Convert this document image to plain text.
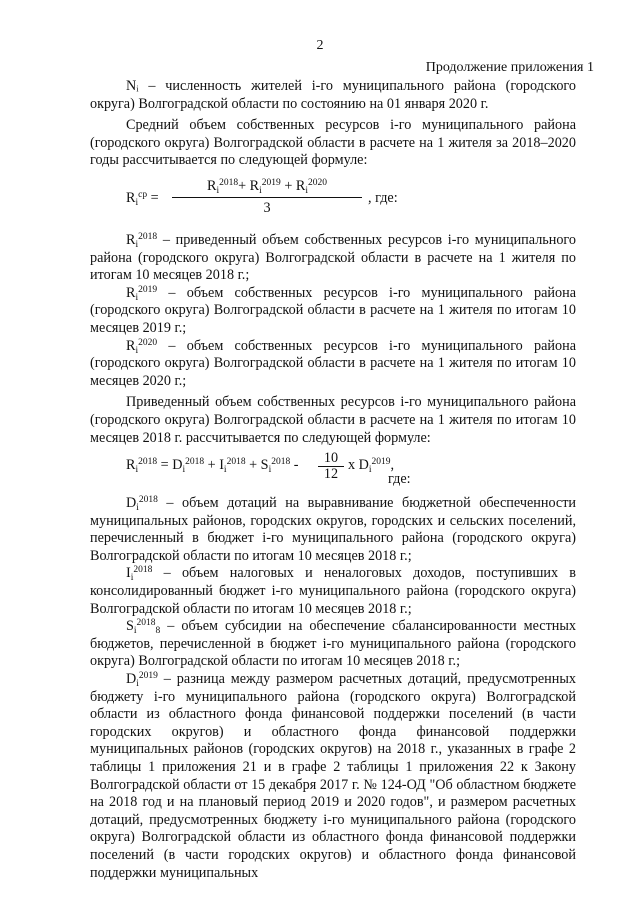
2
Продолжение приложения 1

Nᵢ – численность жителей i-го муниципального района (городского округа) Волгоградской области по состоянию на 01 января 2020 г.

Средний объем собственных ресурсов i-го муниципального района (городского округа) Волгоградской области в расчете на 1 жителя за 2018–2020 годы рассчитывается по следующей формуле:

$R_i^{ср} = \frac{R_i^{2018}+ R_i^{2019} + R_i^{2020}}{3}$ , где:

$R_i^{2018}$ – приведенный объем собственных ресурсов i-го муниципального района (городского округа) Волгоградской области в расчете на 1 жителя по итогам 10 месяцев 2018 г.;

$R_i^{2019}$ – объем собственных ресурсов i-го муниципального района (городского округа) Волгоградской области в расчете на 1 жителя по итогам 10 месяцев 2019 г.;

$R_i^{2020}$ – объем собственных ресурсов i-го муниципального района (городского округа) Волгоградской области в расчете на 1 жителя по итогам 10 месяцев 2020 г.;

Приведенный объем собственных ресурсов i-го муниципального района (городского округа) Волгоградской области в расчете на 1 жителя по итогам 10 месяцев 2018 г. рассчитывается по следующей формуле:

$R_i^{2018} = D_i^{2018} + I_i^{2018} + S_i^{2018}$ -	10
12
x $D_i^{2019}$,
где:

$D_i^{2018}$ – объем дотаций на выравнивание бюджетной обеспеченности муниципальных районов, городских округов, городских и сельских поселений, перечисленный в бюджет i-го муниципального района (городского округа) Волгоградской области по итогам 10 месяцев 2018 г.;

$I_i^{2018}$ – объем налоговых и неналоговых доходов, поступивших в консолидированный бюджет i-го муниципального района (городского округа) Волгоградской области по итогам 10 месяцев 2018 г.;

$S_i^{2018}_8$ – объем субсидии на обеспечение сбалансированности местных бюджетов, перечисленной в бюджет i-го муниципального района (городского округа) Волгоградской области по итогам 10 месяцев 2018 г.;

$D_i^{2019}$ – разница между размером расчетных дотаций, предусмотренных бюджету i-го муниципального района (городского округа) Волгоградской области из областного фонда финансовой поддержки поселений (в части городских округов) и областного фонда финансовой поддержки муниципальных районов (городских округов) на 2018 г., указанных в графе 2 таблицы 1 приложения 21 и в графе 2 таблицы 1 приложения 22 к Закону Волгоградской области от 15 декабря 2017 г. № 124-ОД "Об областном бюджете на 2018 год и на плановый период 2019 и 2020 годов", и размером расчетных дотаций, предусмотренных бюджету i-го муниципального района (городского округа) Волгоградской области из областного фонда финансовой поддержки поселений (в части городских округов) и областного фонда финансовой поддержки муниципальных
